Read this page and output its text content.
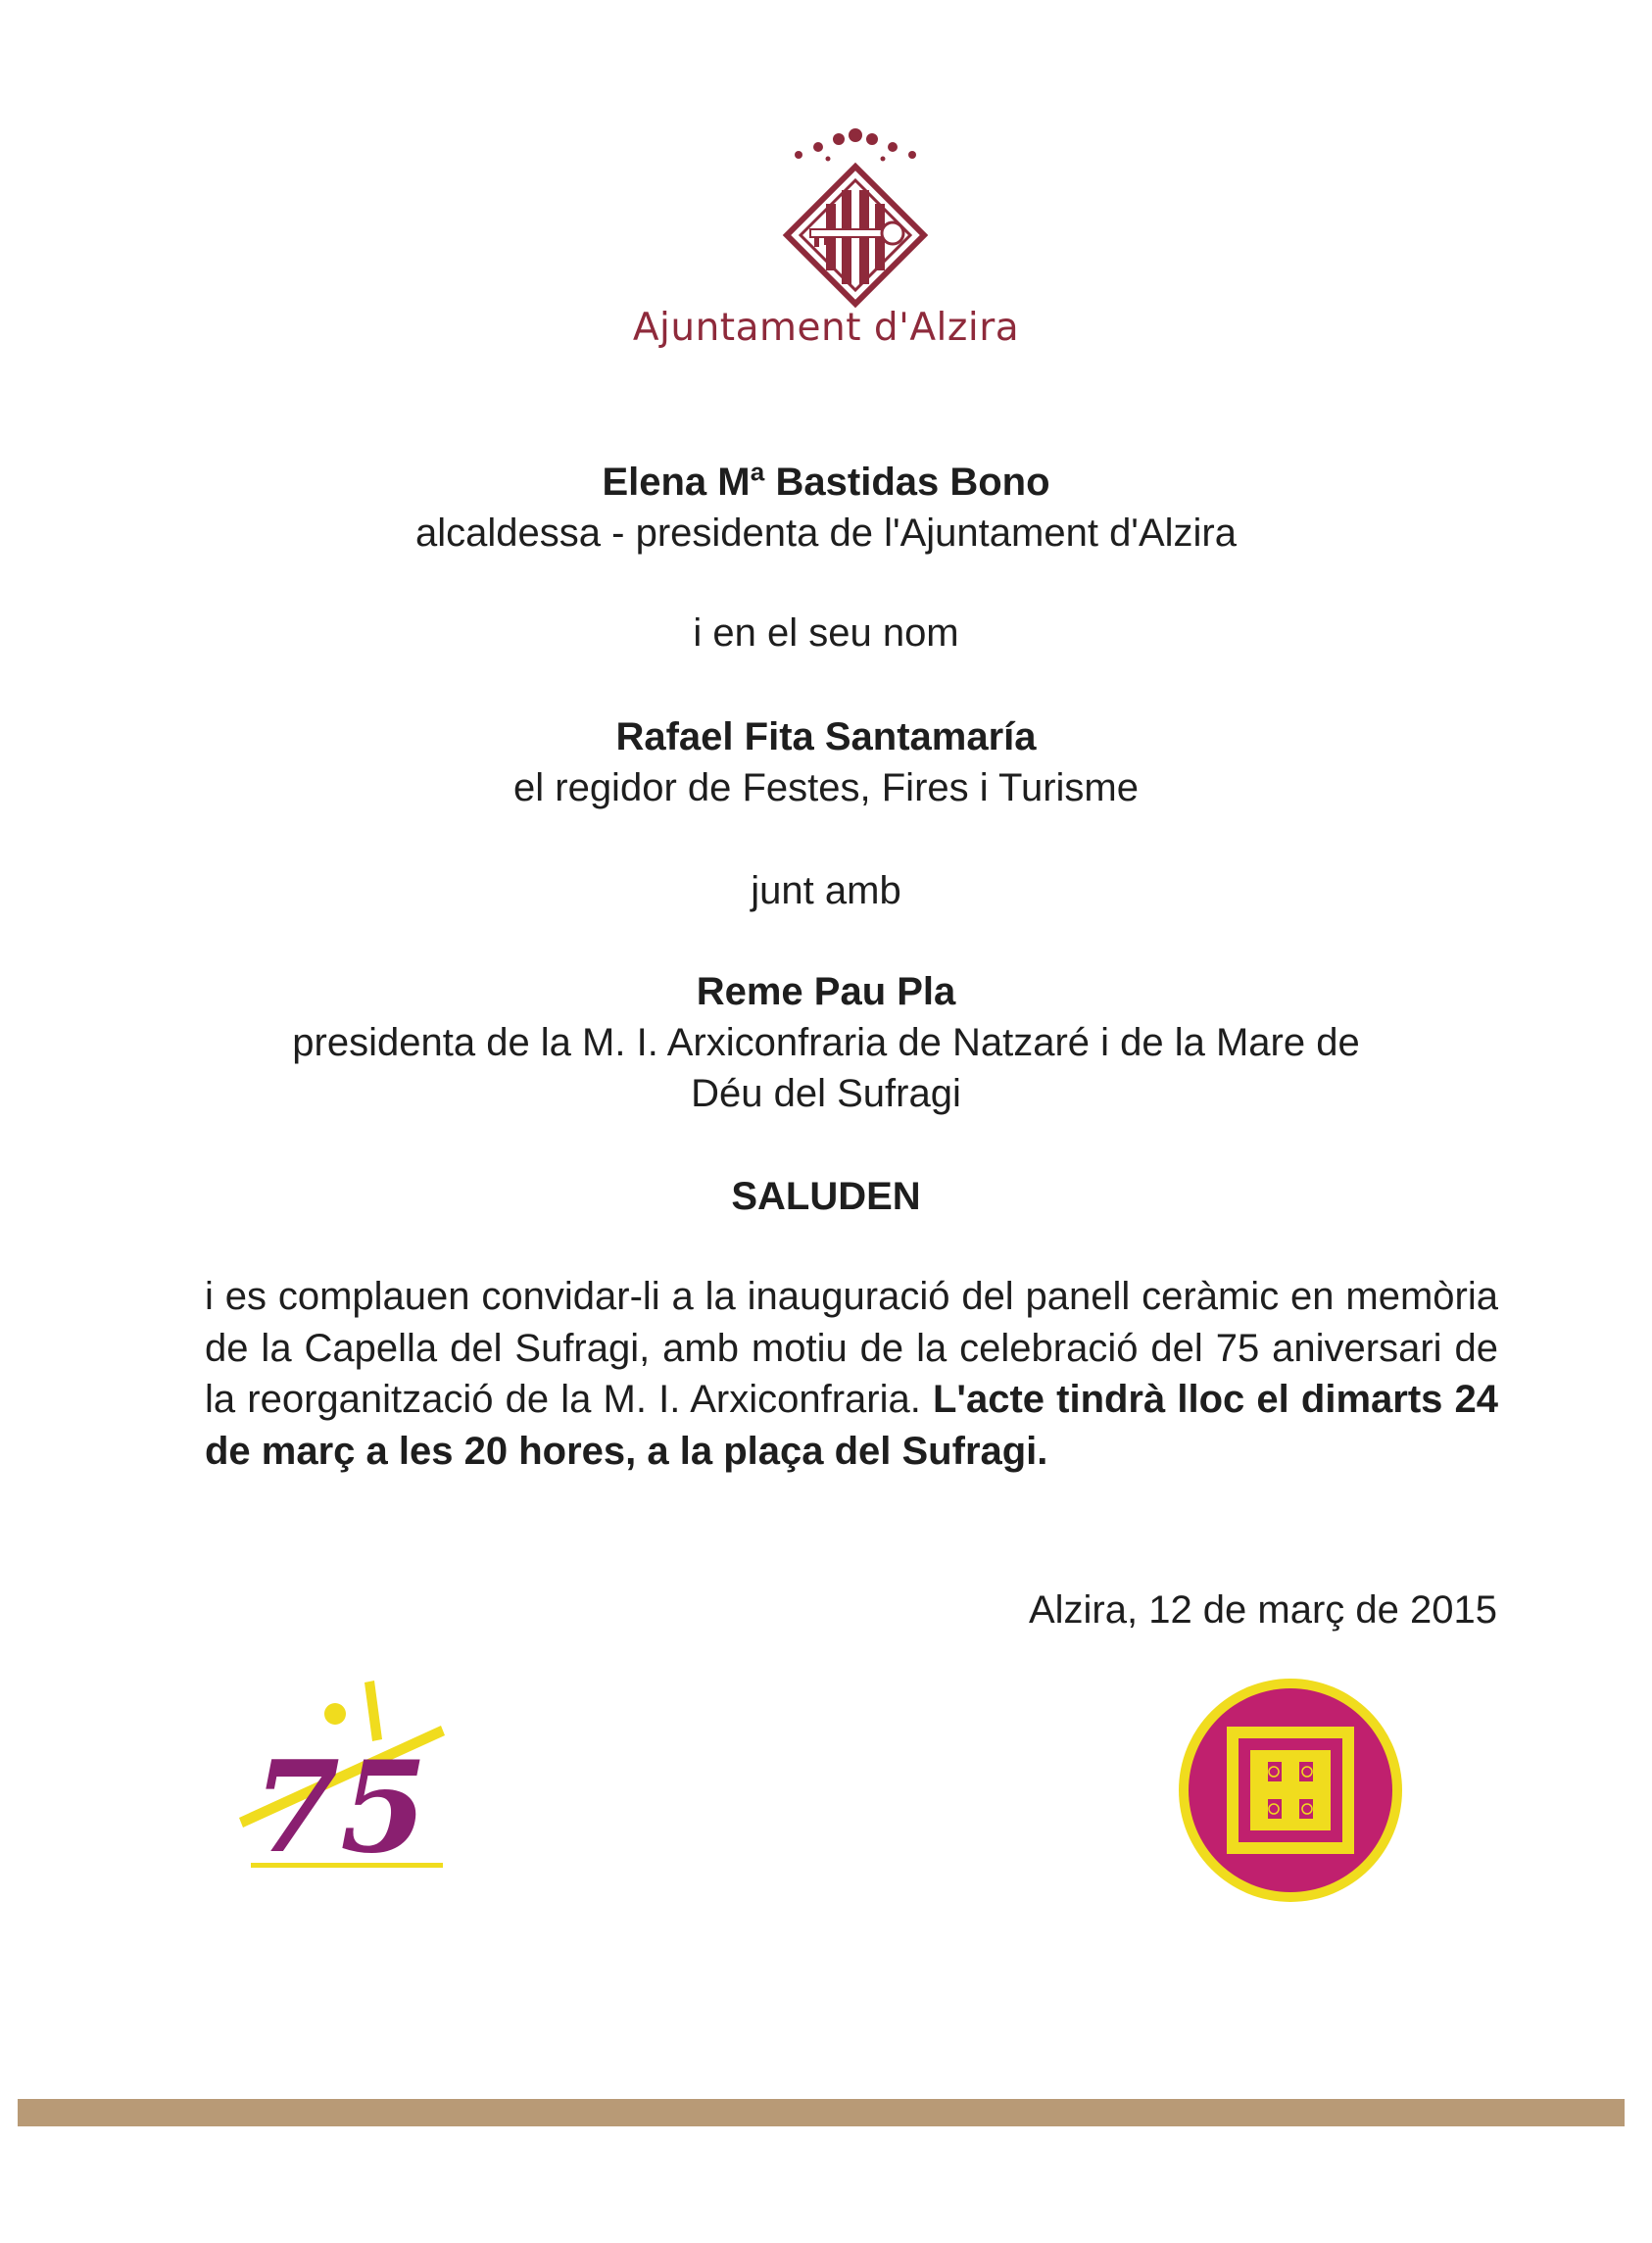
Ajuntament d'Alzira
Elena Mª Bastidas Bono
alcaldessa - presidenta de l'Ajuntament d'Alzira
i en el seu nom
Rafael Fita Santamaría
el regidor de Festes, Fires i Turisme
junt amb
Reme Pau Pla
presidenta de la M. I. Arxiconfraria de Natzaré i de la Mare de
Déu del Sufragi
SALUDEN
i es complauen convidar-li a la inauguració del panell ceràmic en memòria de la Capella del Sufragi, amb motiu de la celebració del 75 aniversari de la reorganització de la M. I. Arxiconfraria. L'acte tindrà lloc el dimarts 24 de març a les 20 hores, a la plaça del Sufragi.
Alzira, 12 de març de 2015
75
